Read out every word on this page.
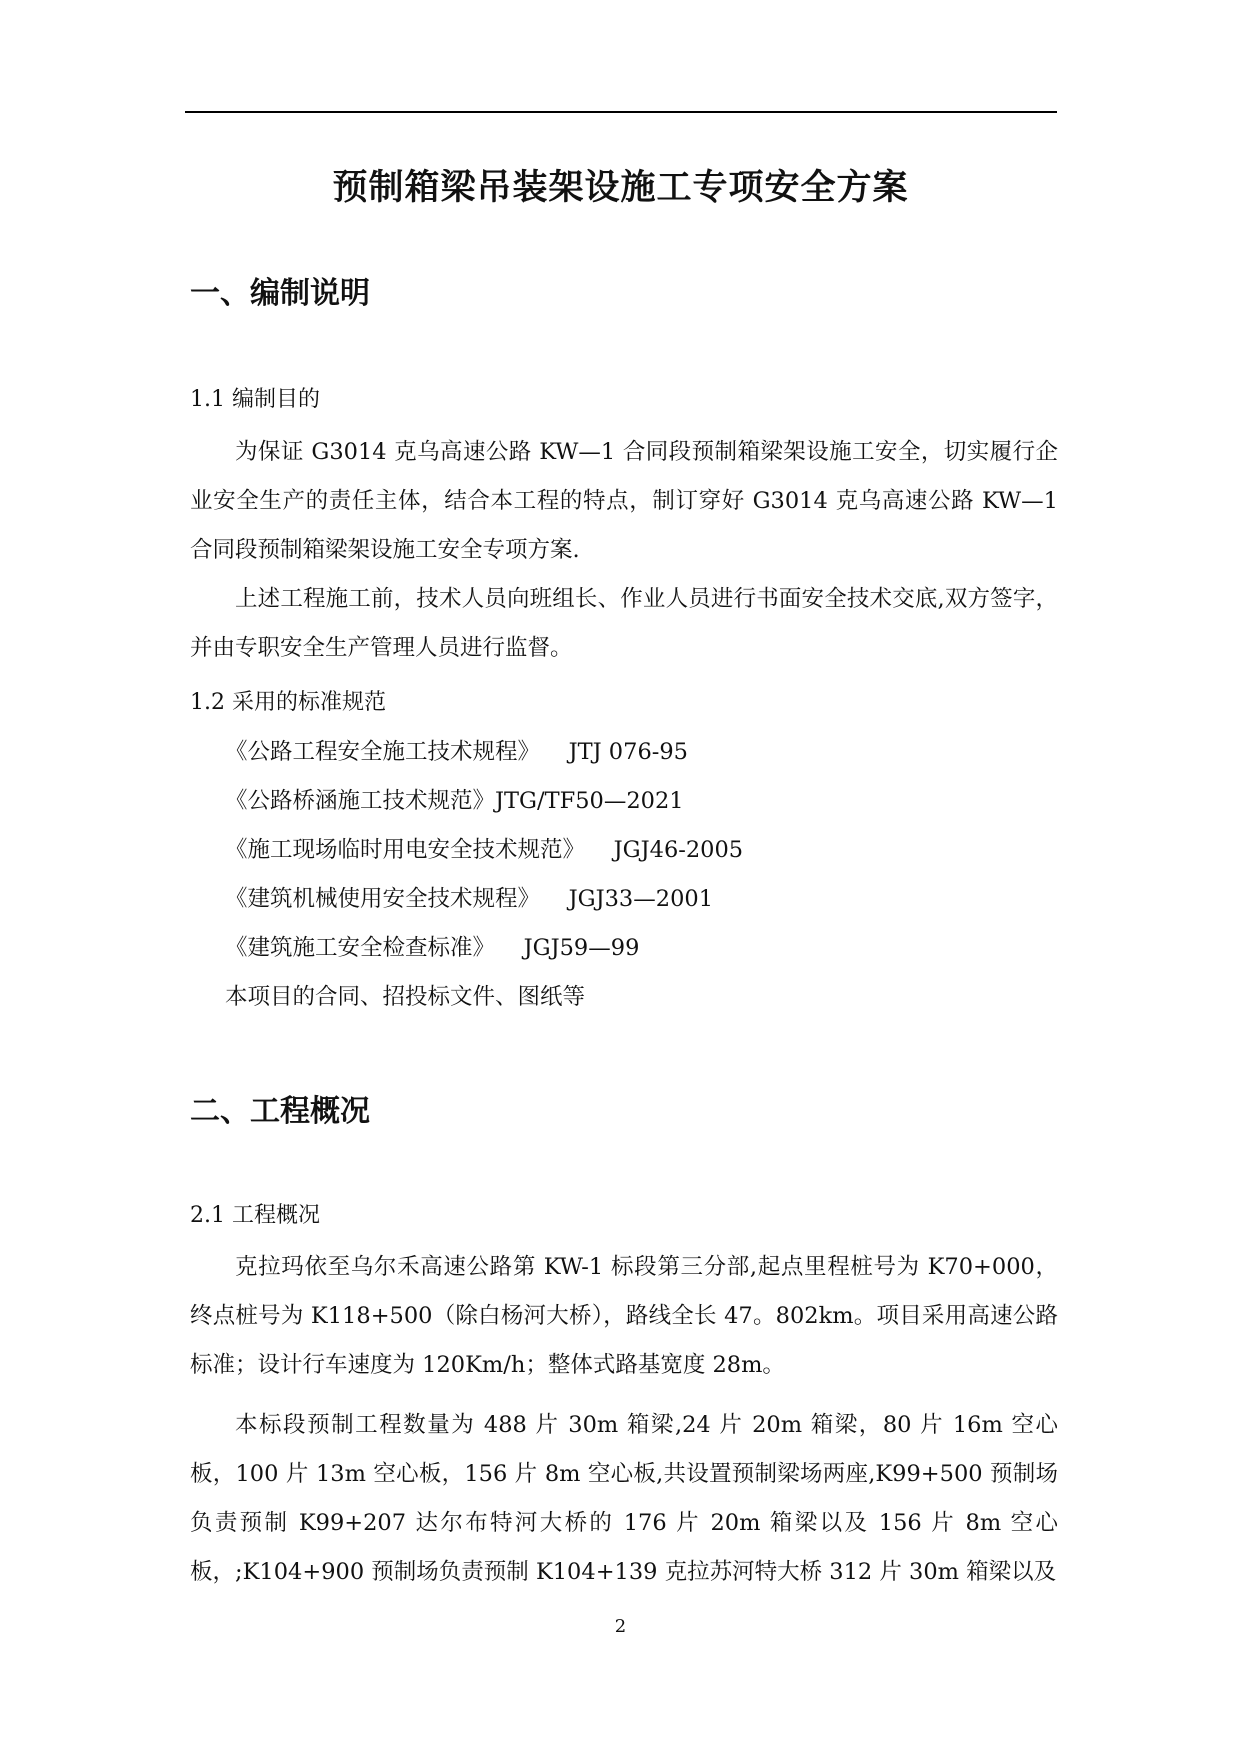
预制箱梁吊装架设施工专项安全方案
一、编制说明
1.1 编制目的
为保证 G3014 克乌高速公路 KW—1 合同段预制箱梁架设施工安全，切实履行企业安全生产的责任主体，结合本工程的特点，制订穿好 G3014 克乌高速公路 KW—1 合同段预制箱梁架设施工安全专项方案.
上述工程施工前，技术人员向班组长、作业人员进行书面安全技术交底,双方签字，并由专职安全生产管理人员进行监督。
1.2 采用的标准规范
《公路工程安全施工技术规程》    JTJ 076-95
《公路桥涵施工技术规范》JTG/TF50—2021
《施工现场临时用电安全技术规范》    JGJ46-2005
《建筑机械使用安全技术规程》    JGJ33—2001
《建筑施工安全检查标准》    JGJ59—99
本项目的合同、招投标文件、图纸等
二、工程概况
2.1 工程概况
克拉玛依至乌尔禾高速公路第 KW-1 标段第三分部,起点里程桩号为 K70+000，终点桩号为 K118+500（除白杨河大桥），路线全长 47。802km。项目采用高速公路标准；设计行车速度为 120Km/h；整体式路基宽度 28m。
本标段预制工程数量为 488 片 30m 箱梁,24 片 20m 箱梁，80 片 16m 空心板，100 片 13m 空心板，156 片 8m 空心板,共设置预制梁场两座,K99+500 预制场负责预制 K99+207 达尔布特河大桥的 176 片 20m 箱梁以及 156 片 8m 空心板，;K104+900 预制场负责预制 K104+139 克拉苏河特大桥 312 片 30m 箱梁以及
2
